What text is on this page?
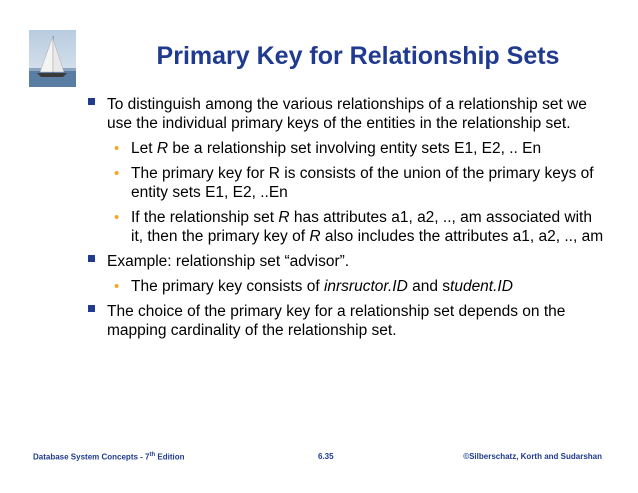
Primary Key for Relationship Sets
To distinguish among the various relationships of a relationship set we use the individual primary keys of the entities in the relationship set.
• Let R be a relationship set involving entity sets E1, E2, .. En
• The primary key for R is consists of the union of the primary keys of entity sets E1, E2, ..En
• If the relationship set R has attributes a1, a2, .., am associated with it, then the primary key of R also includes the attributes a1, a2, .., am
Example: relationship set “advisor”.
• The primary key consists of inrsructor.ID and student.ID
The choice of the primary key for a relationship set depends on the mapping cardinality of the relationship set.
Database System Concepts - 7th Edition	6.35	©Silberschatz, Korth and Sudarshan
